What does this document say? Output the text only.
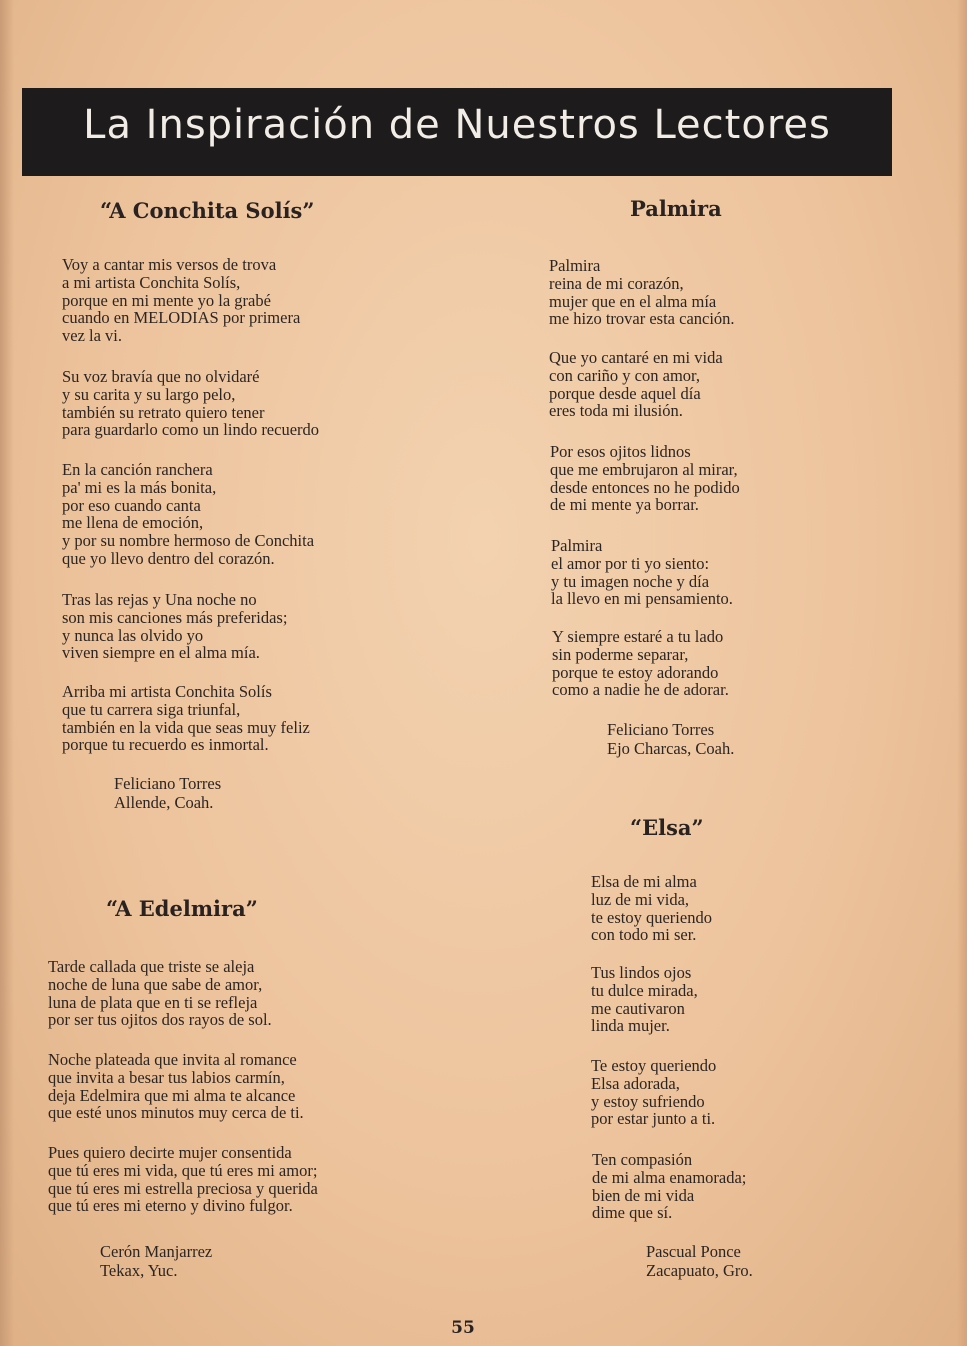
La Inspiración de Nuestros Lectores
“A Conchita Solís”
Voy a cantar mis versos de trova
a mi artista Conchita Solís,
porque en mi mente yo la grabé
cuando en MELODIAS por primera
vez la vi.
Su voz bravía que no olvidaré
y su carita y su largo pelo,
también su retrato quiero tener
para guardarlo como un lindo recuerdo
En la canción ranchera
pa' mi es la más bonita,
por eso cuando canta
me llena de emoción,
y por su nombre hermoso de Conchita
que yo llevo dentro del corazón.
Tras las rejas y Una noche no
son mis canciones más preferidas;
y nunca las olvido yo
viven siempre en el alma mía.
Arriba mi artista Conchita Solís
que tu carrera siga triunfal,
también en la vida que seas muy feliz
porque tu recuerdo es inmortal.
Feliciano Torres
Allende, Coah.
“A Edelmira”
Tarde callada que triste se aleja
noche de luna que sabe de amor,
luna de plata que en ti se refleja
por ser tus ojitos dos rayos de sol.
Noche plateada que invita al romance
que invita a besar tus labios carmín,
deja Edelmira que mi alma te alcance
que esté unos minutos muy cerca de ti.
Pues quiero decirte mujer consentida
que tú eres mi vida, que tú eres mi amor;
que tú eres mi estrella preciosa y querida
que tú eres mi eterno y divino fulgor.
Cerón Manjarrez
Tekax, Yuc.
Palmira
Palmira
reina de mi corazón,
mujer que en el alma mía
me hizo trovar esta canción.
Que yo cantaré en mi vida
con cariño y con amor,
porque desde aquel día
eres toda mi ilusión.
Por esos ojitos lidnos
que me embrujaron al mirar,
desde entonces no he podido
de mi mente ya borrar.
Palmira
el amor por ti yo siento:
y tu imagen noche y día
la llevo en mi pensamiento.
Y siempre estaré a tu lado
sin poderme separar,
porque te estoy adorando
como a nadie he de adorar.
Feliciano Torres
Ejo Charcas, Coah.
“Elsa”
Elsa de mi alma
luz de mi vida,
te estoy queriendo
con todo mi ser.
Tus lindos ojos
tu dulce mirada,
me cautivaron
linda mujer.
Te estoy queriendo
Elsa adorada,
y estoy sufriendo
por estar junto a ti.
Ten compasión
de mi alma enamorada;
bien de mi vida
dime que sí.
Pascual Ponce
Zacapuato, Gro.
55
